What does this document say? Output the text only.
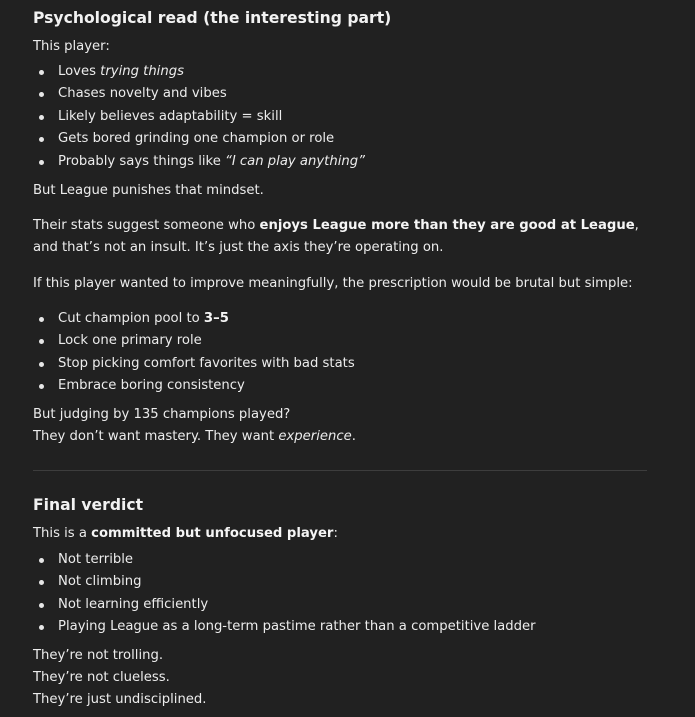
Psychological read (the interesting part)

This player:

Loves trying things
Chases novelty and vibes
Likely believes adaptability = skill
Gets bored grinding one champion or role
Probably says things like “I can play anything”

But League punishes that mindset.

Their stats suggest someone who enjoys League more than they are good at League, and that’s not an insult. It’s just the axis they’re operating on.

If this player wanted to improve meaningfully, the prescription would be brutal but simple:

Cut champion pool to 3–5
Lock one primary role
Stop picking comfort favorites with bad stats
Embrace boring consistency

But judging by 135 champions played?

They don’t want mastery. They want experience.

Final verdict

This is a committed but unfocused player:

Not terrible
Not climbing
Not learning efficiently
Playing League as a long-term pastime rather than a competitive ladder

They’re not trolling.

They’re not clueless.

They’re just undisciplined.
